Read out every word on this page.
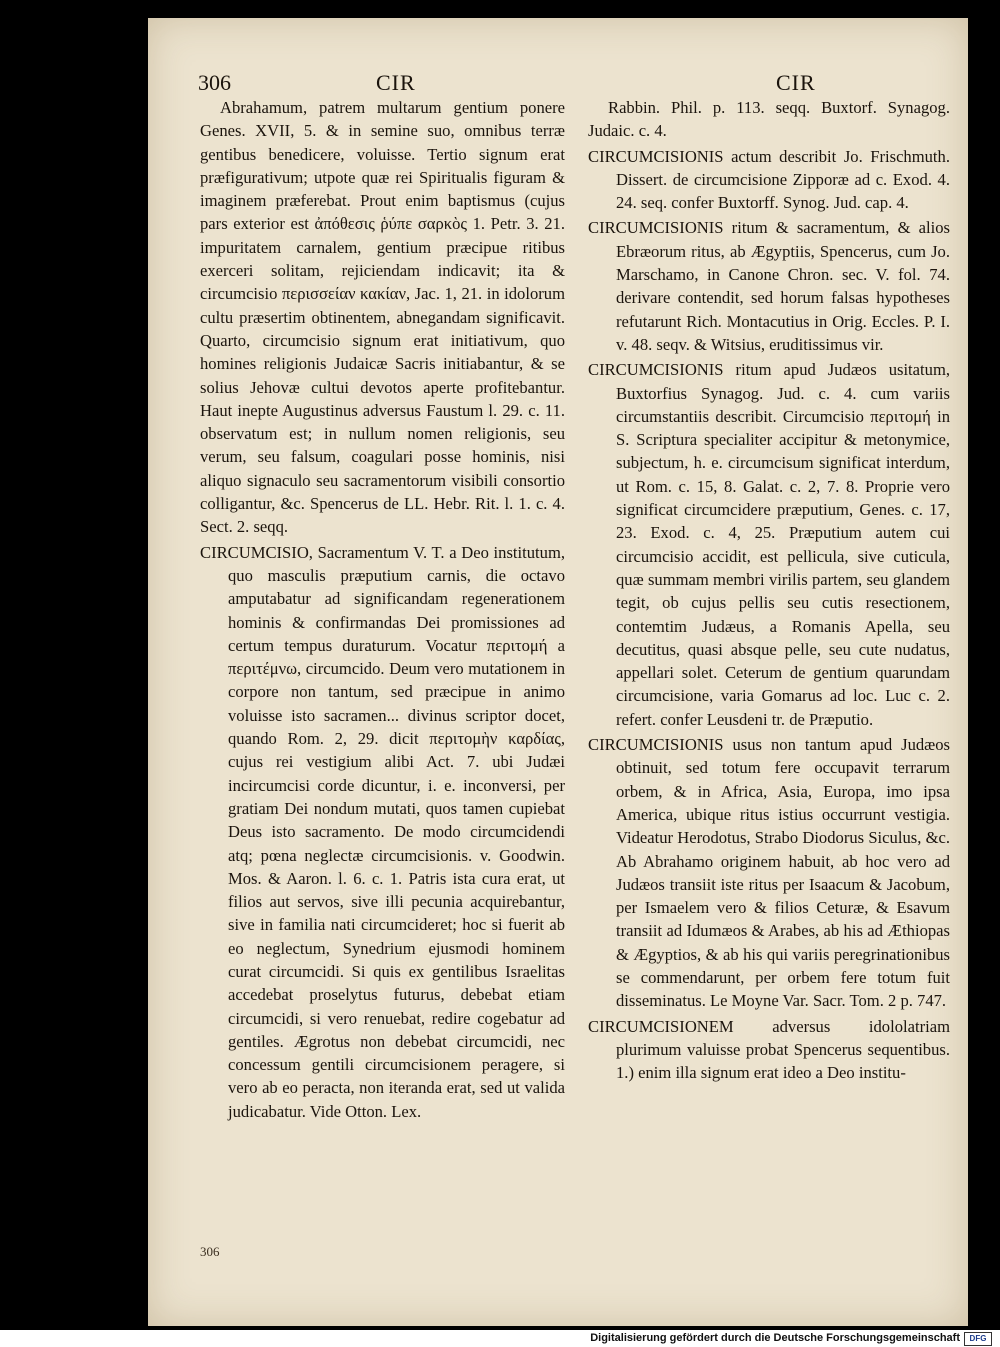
306	CIR	CIR

Abrahamum, patrem multarum gentium ponere Genes. XVII, 5. & in semine suo, omnibus terræ gentibus benedicere, voluisse. Tertio signum erat præfigurativum; utpote quæ rei Spiritualis figuram & imaginem præferebat. Prout enim baptismus (cujus pars exterior est ἀπόθεσις ῥύπε σαρκὸς 1. Petr. 3. 21. impuritatem carnalem, gentium præcipue ritibus exerceri solitam, rejiciendam indicavit; ita & circumcisio περισσείαν κακίαν, Jac. 1, 21. in idolorum cultu præsertim obtinentem, abnegandam significavit. Quarto, circumcisio signum erat initiativum, quo homines religionis Judaicæ Sacris initiabantur, & se solius Jehovæ cultui devotos aperte profitebantur. Haut inepte Augustinus adversus Faustum l. 29. c. 11. observatum est; in nullum nomen religionis, seu verum, seu falsum, coagulari posse hominis, nisi aliquo signaculo seu sacramentorum visibili consortio colligantur, &c. Spencerus de LL. Hebr. Rit. l. 1. c. 4. Sect. 2. seqq.

CIRCUMCISIO, Sacramentum V. T. a Deo institutum, quo masculis præputium carnis, die octavo amputabatur ad significandam regenerationem hominis & confirmandas Dei promissiones ad certum tempus duraturum. Vocatur περιτομή a περιτέμνω, circumcido. Deum vero mutationem in corpore non tantum, sed præcipue in animo voluisse isto sacramen... divinus scriptor docet, quando Rom. 2, 29. dicit περιτομὴν καρδίας, cujus rei vestigium alibi Act. 7. ubi Judæi incircumcisi corde dicuntur, i. e. inconversi, per gratiam Dei nondum mutati, quos tamen cupiebat Deus isto sacramento. De modo circumcidendi atq; pœna neglectæ circumcisionis. v. Goodwin. Mos. & Aaron. l. 6. c. 1. Patris ista cura erat, ut filios aut servos, sive illi pecunia acquirebantur, sive in familia nati circumcideret; hoc si fuerit ab eo neglectum, Synedrium ejusmodi hominem curat circumcidi. Si quis ex gentilibus Israelitas accedebat proselytus futurus, debebat etiam circumcidi, si vero renuebat, redire cogebatur ad gentiles. Ægrotus non debebat circumcidi, nec concessum gentili circumcisionem peragere, si vero ab eo peracta, non iteranda erat, sed ut valida judicabatur. Vide Otton. Lex.

Rabbin. Phil. p. 113. seqq. Buxtorf. Synagog. Judaic. c. 4.

CIRCUMCISIONIS actum describit Jo. Frischmuth. Dissert. de circumcisione Zipporæ ad c. Exod. 4. 24. seq. confer Buxtorff. Synog. Jud. cap. 4.

CIRCUMCISIONIS ritum & sacramentum, & alios Ebræorum ritus, ab Ægyptiis, Spencerus, cum Jo. Marschamo, in Canone Chron. sec. V. fol. 74. derivare contendit, sed horum falsas hypotheses refutarunt Rich. Montacutius in Orig. Eccles. P. I. v. 48. seqv. & Witsius, eruditissimus vir.

CIRCUMCISIONIS ritum apud Judæos usitatum, Buxtorfius Synagog. Jud. c. 4. cum variis circumstantiis describit. Circumcisio περιτομή in S. Scriptura specialiter accipitur & metonymice, subjectum, h. e. circumcisum significat interdum, ut Rom. c. 15, 8. Galat. c. 2, 7. 8. Proprie vero significat circumcidere præputium, Genes. c. 17, 23. Exod. c. 4, 25. Præputium autem cui circumcisio accidit, est pellicula, sive cuticula, quæ summam membri virilis partem, seu glandem tegit, ob cujus pellis seu cutis resectionem, contemtim Judæus, a Romanis Apella, seu decutitus, quasi absque pelle, seu cute nudatus, appellari solet. Ceterum de gentium quarundam circumcisione, varia Gomarus ad loc. Luc c. 2. refert. confer Leusdeni tr. de Præputio.

CIRCUMCISIONIS usus non tantum apud Judæos obtinuit, sed totum fere occupavit terrarum orbem, & in Africa, Asia, Europa, imo ipsa America, ubique ritus istius occurrunt vestigia. Videatur Herodotus, Strabo Diodorus Siculus, &c. Ab Abrahamo originem habuit, ab hoc vero ad Judæos transiit iste ritus per Isaacum & Jacobum, per Ismaelem vero & filios Ceturæ, & Esavum transiit ad Idumæos & Arabes, ab his ad Æthiopas & Ægyptios, & ab his qui variis peregrinationibus se commendarunt, per orbem fere totum fuit disseminatus. Le Moyne Var. Sacr. Tom. 2 p. 747.

CIRCUMCISIONEM adversus idololatriam plurimum valuisse probat Spencerus sequentibus. 1.) enim illa signum erat ideo a Deo institu-

306
Digitalisierung gefördert durch die Deutsche Forschungsgemeinschaft	DFG
